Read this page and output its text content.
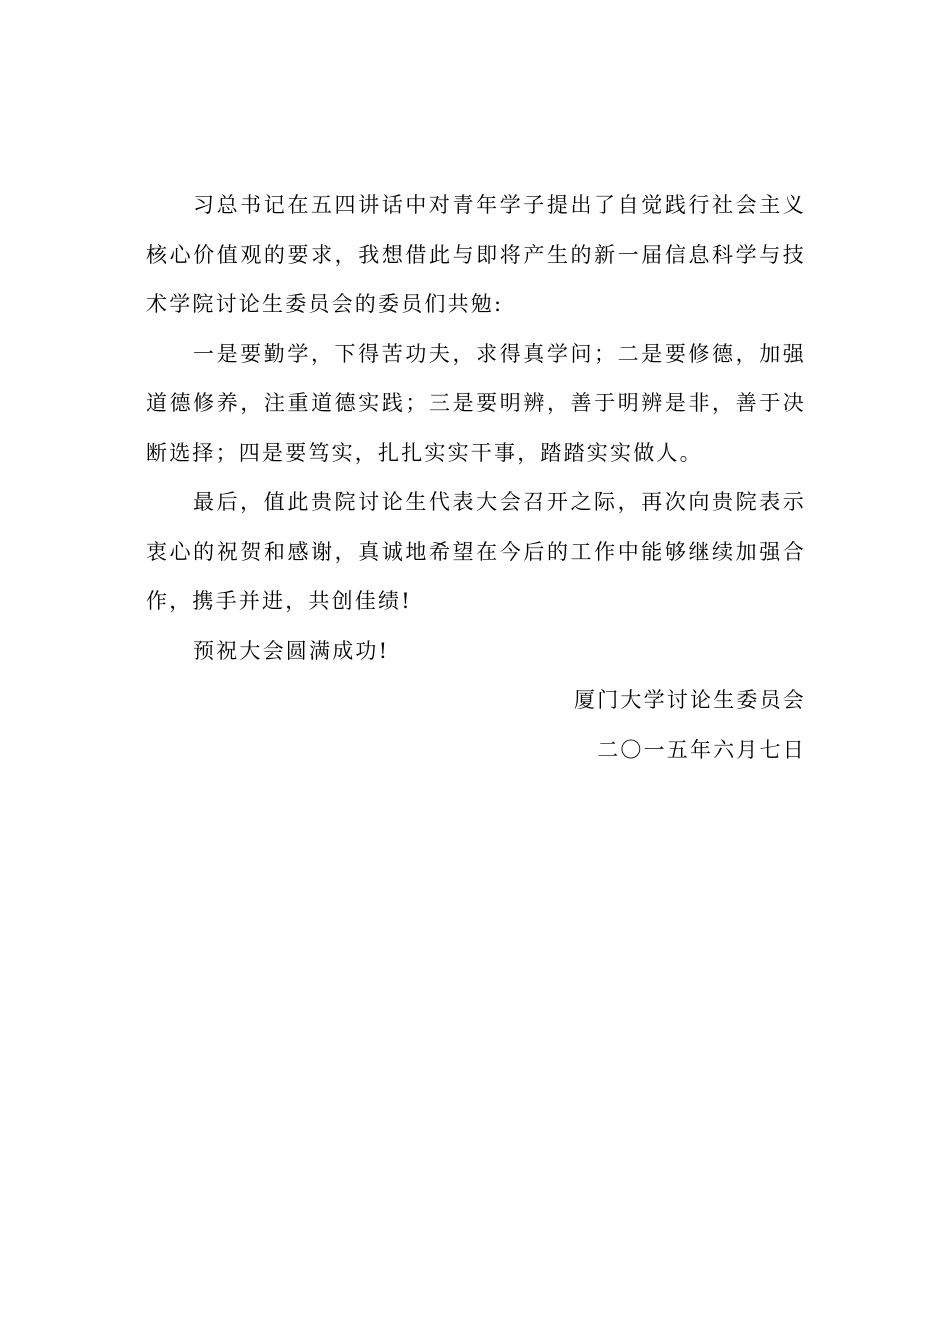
习总书记在五四讲话中对青年学子提出了自觉践行社会主义核心价值观的要求，我想借此与即将产生的新一届信息科学与技术学院讨论生委员会的委员们共勉:

一是要勤学，下得苦功夫，求得真学问；二是要修德，加强道德修养，注重道德实践；三是要明辨，善于明辨是非，善于决断选择；四是要笃实，扎扎实实干事，踏踏实实做人。

最后，值此贵院讨论生代表大会召开之际，再次向贵院表示衷心的祝贺和感谢，真诚地希望在今后的工作中能够继续加强合作，携手并进，共创佳绩!

预祝大会圆满成功!

厦门大学讨论生委员会

二〇一五年六月七日
